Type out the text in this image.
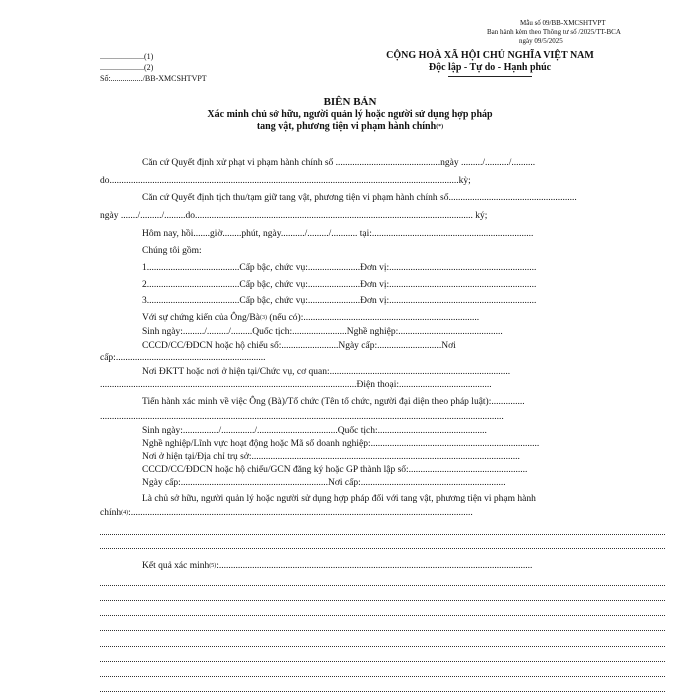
Mẫu số 09/BB-XMCSHTVPT
Ban hành kèm theo Thông tư số /2025/TT-BCA
ngày 09/5/2025
......................(1)
......................(2)
Số:................/BB-XMCSHTVPT
CỘNG HOÀ XÃ HỘI CHỦ NGHĨA VIỆT NAM
Độc lập - Tự do - Hạnh phúc
BIÊN BẢN
Xác minh chủ sở hữu, người quản lý hoặc người sử dụng hợp pháp
tang vật, phương tiện vi phạm hành chính(*)
Căn cứ Quyết định xử phạt vi phạm hành chính số ............................................ngày ........./........../..........
do...................................................................................................................................................kỳ;
Căn cứ Quyết định tịch thu/tạm giữ tang vật, phương tiện vi phạm hành chính số......................................................
ngày ......./........./.........do..................................................................................................................... ký;
Hôm nay, hồi.......giờ........phút, ngày........../........./........... tại:....................................................................
Chúng tôi gồm:
1.......................................Cấp bậc, chức vụ:......................Đơn vị:..............................................................
2.......................................Cấp bậc, chức vụ:......................Đơn vị:..............................................................
3.......................................Cấp bậc, chức vụ:......................Đơn vị:..............................................................
Với sự chứng kiến của Ông/$Bà^{(3)}$ (nếu có):..........................................................................
Sinh ngày:........./........./.........Quốc tịch:.......................Nghề nghiệp:............................................
CCCD/CC/ĐDCN hoặc hộ chiếu số:........................Ngày cấp:...........................Nơi
cấp:...............................................................
Nơi ĐKTT hoặc nơi ở hiện tại/Chức vụ, cơ quan:............................................................................
............................................................................................................Điện thoại:.......................................
Tiến hành xác minh về việc Ông (Bà)/Tổ chức (Tên tổ chức, người đại diện theo pháp luật):..............
..........................................................................................................................................................................
Sinh ngày:.............../............../..................................Quốc tịch:..............................................
Nghề nghiệp/Lĩnh vực hoạt động hoặc Mã số doanh nghiệp:.......................................................................
Nơi ở hiện tại/Địa chỉ trụ sở:.................................................................................................................
CCCD/CC/ĐDCN hoặc hộ chiếu/GCN đăng ký hoặc GP thành lập số:..................................................
Ngày cấp:..............................................................Nơi cấp:.............................................................
Là chủ sở hữu, người quản lý hoặc người sử dụng hợp pháp đối với tang vật, phương tiện vi phạm hành
chính$^{(4)}$:................................................................................................................................................
Kết quả xác minh$^{(5)}$:....................................................................................................................................
